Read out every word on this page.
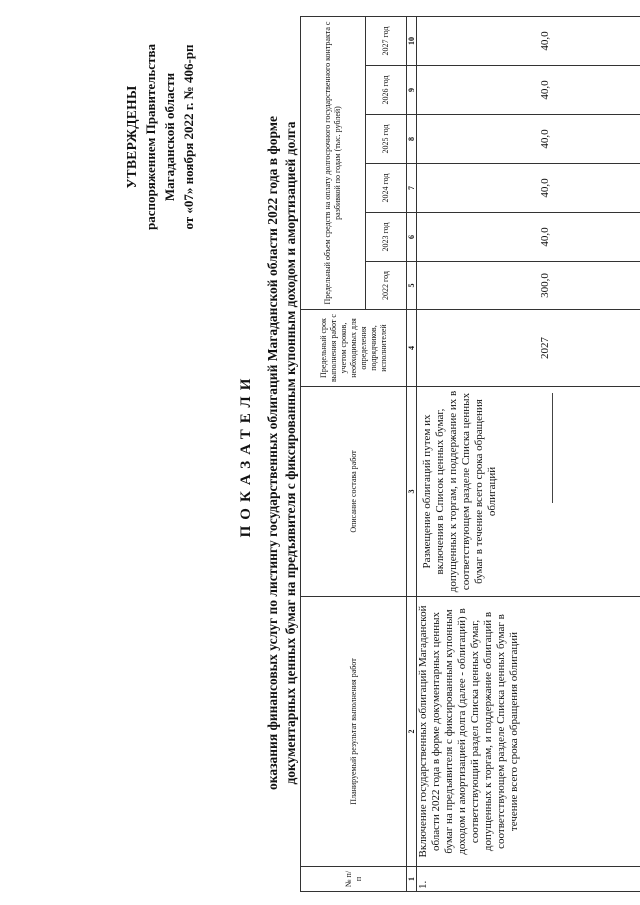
УТВЕРЖДЕНЫ распоряжением Правительства Магаданской области от «07» ноября 2022 г. № 406-рп
ПОКАЗАТЕЛИ оказания финансовых услуг по листингу государственных облигаций Магаданской области 2022 года в форме документарных ценных бумаг на предъявителя с фиксированным купонным доходом и амортизацией долга
№ п/п	Планируемый результат выполнения работ	Описание состава работ	Предельный срок выполнения работ с учетом сроков, необходимых для определения подрядчиков, исполнителей	Предельный объем средств на оплату долгосрочного государственного контракта с разбивкой по годам (тыс. рублей)					
				2022 год	2023 год	2024 год	2025 год	2026 год	2027 год
1	2	3	4	5	6	7	8	9	10
1.	Включение государственных облигаций Магаданской области 2022 года в форме документарных ценных бумаг на предъявителя с фиксированным купонным доходом и амортизацией долга (далее - облигаций) в соответствующий раздел Списка ценных бумаг, допущенных к торгам, и поддержание облигаций в соответствующем разделе Списка ценных бумаг в течение всего срока обращения облигаций	Размещение облигаций путем их включения в Список ценных бумаг, допущенных к торгам, и поддержание их в соответствующем разделе Списка ценных бумаг в течение всего срока обращения облигаций	2027	300,0	40,0	40,0	40,0	40,0	40,0
